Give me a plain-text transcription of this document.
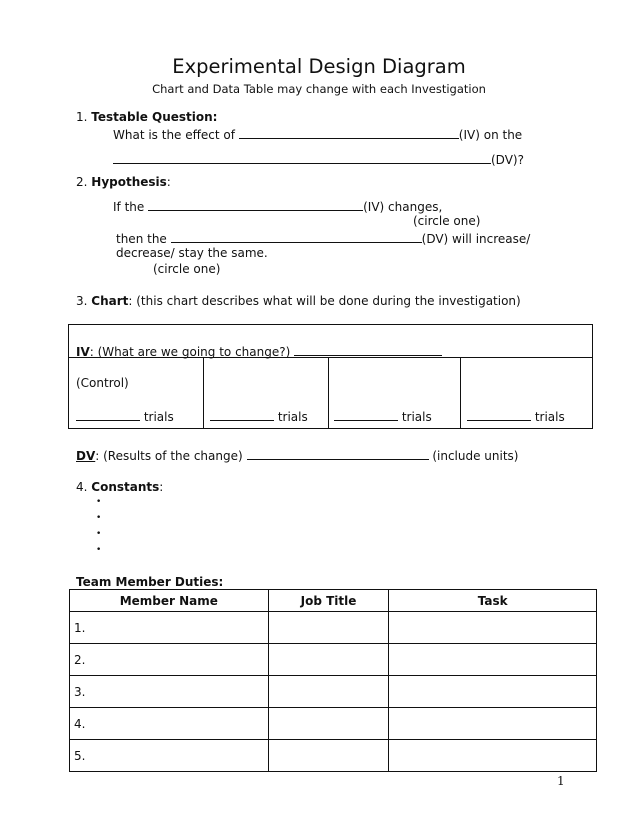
Experimental Design Diagram
Chart and Data Table may change with each Investigation
1. Testable Question:
What is the effect of	(IV) on the
(DV)?
2. Hypothesis:
If the	(IV) changes,
(circle one)
then the	(DV) will increase/
decrease/ stay the same.
(circle one)
3. Chart: (this chart describes what will be done during the investigation)
IV: (What are we going to change?)
(Control)
trials	trials	trials	trials
DV: (Results of the change)	(include units)
4. Constants:
•
•
•
•
Team Member Duties:
Member Name	Job Title	Task
1.		
2.		
3.		
4.		
5.		
1
